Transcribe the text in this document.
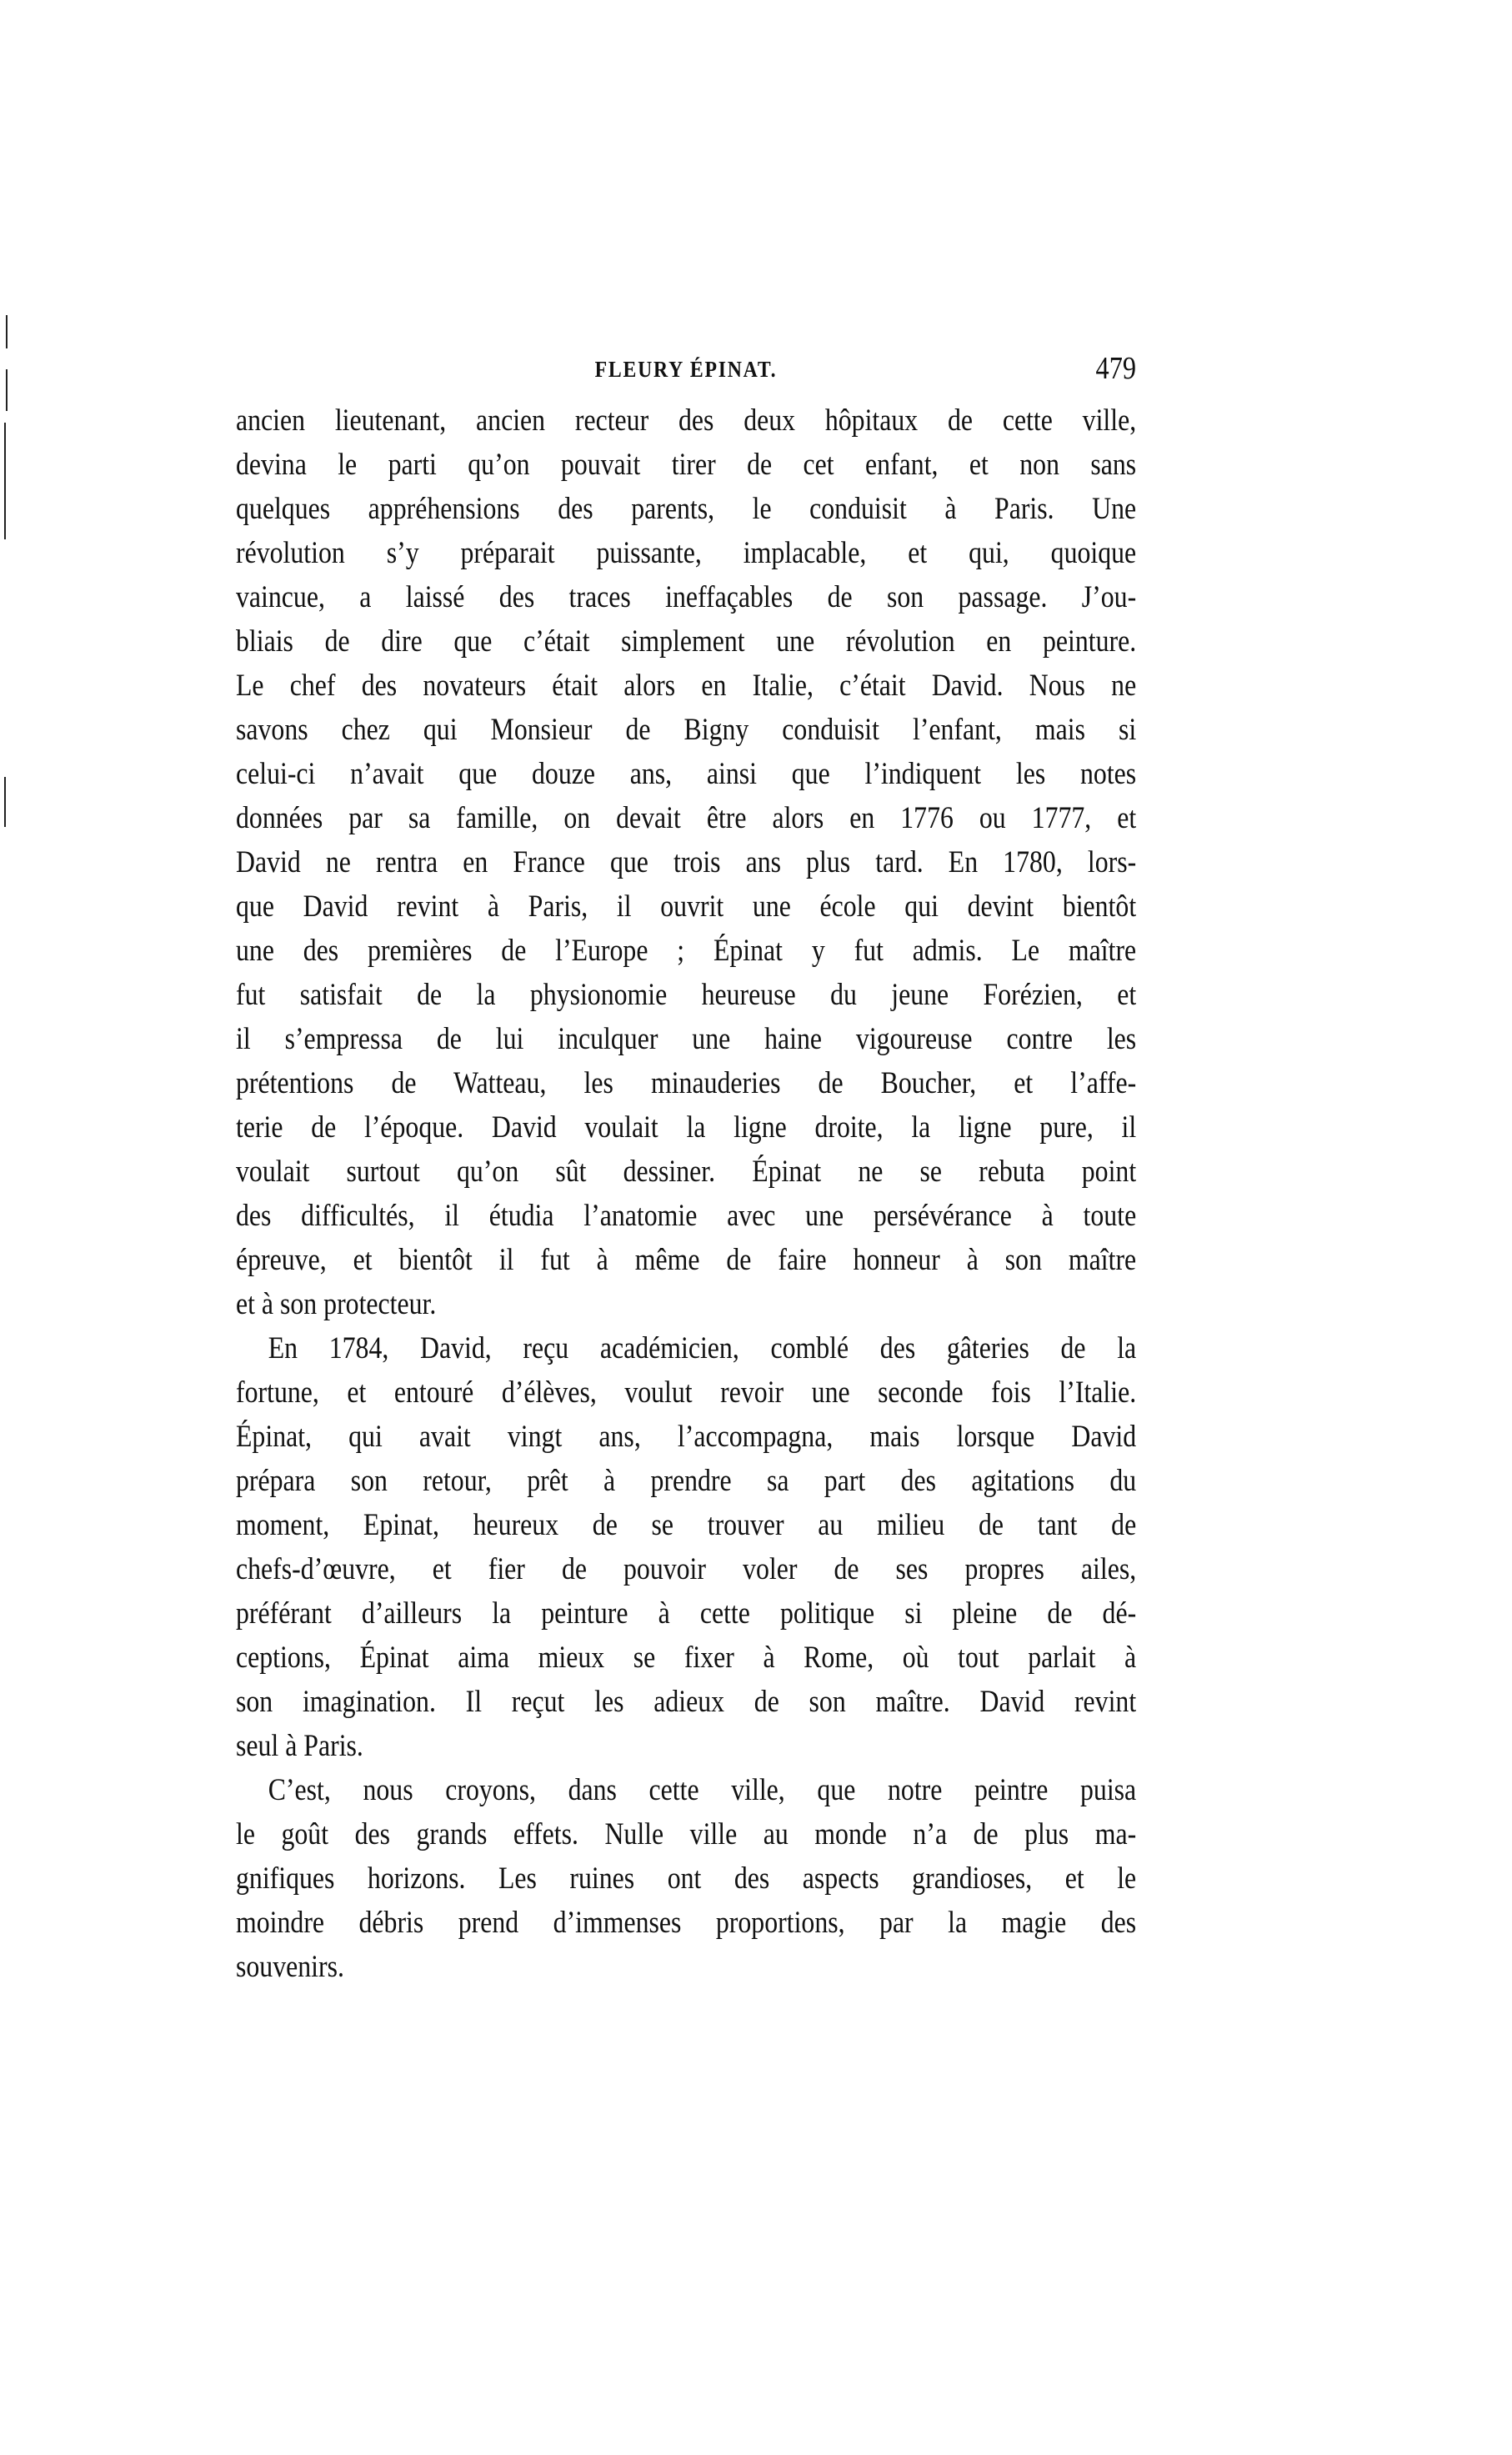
FLEURY ÉPINAT.	479
ancien lieutenant, ancien recteur des deux hôpitaux de cette ville,
devina le parti qu’on pouvait tirer de cet enfant, et non sans
quelques appréhensions des parents, le conduisit à Paris. Une
révolution s’y préparait puissante, implacable, et qui, quoique
vaincue, a laissé des traces ineffaçables de son passage. J’ou-
bliais de dire que c’était simplement une révolution en peinture.
Le chef des novateurs était alors en Italie, c’était David. Nous ne
savons chez qui Monsieur de Bigny conduisit l’enfant, mais si
celui-ci n’avait que douze ans, ainsi que l’indiquent les notes
données par sa famille, on devait être alors en 1776 ou 1777, et
David ne rentra en France que trois ans plus tard. En 1780, lors-
que David revint à Paris, il ouvrit une école qui devint bientôt
une des premières de l’Europe ; Épinat y fut admis. Le maître
fut satisfait de la physionomie heureuse du jeune Forézien, et
il s’empressa de lui inculquer une haine vigoureuse contre les
prétentions de Watteau, les minauderies de Boucher, et l’affe-
terie de l’époque. David voulait la ligne droite, la ligne pure, il
voulait surtout qu’on sût dessiner. Épinat ne se rebuta point
des difficultés, il étudia l’anatomie avec une persévérance à toute
épreuve, et bientôt il fut à même de faire honneur à son maître
et à son protecteur.
En 1784, David, reçu académicien, comblé des gâteries de la
fortune, et entouré d’élèves, voulut revoir une seconde fois l’Italie.
Épinat, qui avait vingt ans, l’accompagna, mais lorsque David
prépara son retour, prêt à prendre sa part des agitations du
moment, Epinat, heureux de se trouver au milieu de tant de
chefs-d’œuvre, et fier de pouvoir voler de ses propres ailes,
préférant d’ailleurs la peinture à cette politique si pleine de dé-
ceptions, Épinat aima mieux se fixer à Rome, où tout parlait à
son imagination. Il reçut les adieux de son maître. David revint
seul à Paris.
C’est, nous croyons, dans cette ville, que notre peintre puisa
le goût des grands effets. Nulle ville au monde n’a de plus ma-
gnifiques horizons. Les ruines ont des aspects grandioses, et le
moindre débris prend d’immenses proportions, par la magie des
souvenirs.
